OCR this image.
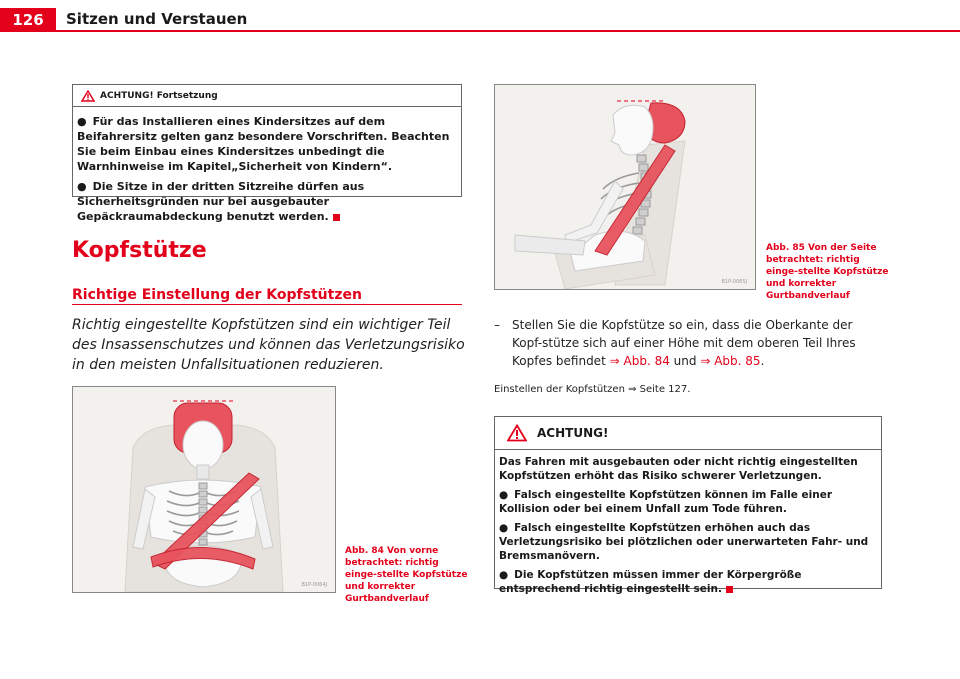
126	Sitzen und Verstauen
ACHTUNG! Fortsetzung

● Für das Installieren eines Kindersitzes auf dem Beifahrersitz gelten ganz besondere Vorschriften. Beachten Sie beim Einbau eines Kindersitzes unbedingt die Warnhinweise im Kapitel„Sicherheit von Kindern“.

● Die Sitze in der dritten Sitzreihe dürfen aus Sicherheitsgründen nur bei ausgebauter Gepäckraumabdeckung benutzt werden.

Kopfstütze
Richtige Einstellung der Kopfstützen
Richtig eingestellte Kopfstützen sind ein wichtiger Teil des Insassenschutzes und können das Verletzungsrisiko in den meisten Unfallsituationen reduzieren.
B1P-0064J
Abb. 84 Von vorne betrachtet: richtig einge-stellte Kopfstütze und korrekter Gurtbandverlauf
B1P-0065J
Abb. 85 Von der Seite betrachtet: richtig einge-stellte Kopfstütze und korrekter Gurtbandverlauf
– Stellen Sie die Kopfstütze so ein, dass die Oberkante der Kopf-stütze sich auf einer Höhe mit dem oberen Teil Ihres Kopfes befindet ⇒ Abb. 84 und ⇒ Abb. 85.
Einstellen der Kopfstützen ⇒ Seite 127.
ACHTUNG!

Das Fahren mit ausgebauten oder nicht richtig eingestellten Kopfstützen erhöht das Risiko schwerer Verletzungen.

● Falsch eingestellte Kopfstützen können im Falle einer Kollision oder bei einem Unfall zum Tode führen.

● Falsch eingestellte Kopfstützen erhöhen auch das Verletzungsrisiko bei plötzlichen oder unerwarteten Fahr- und Bremsmanövern.

● Die Kopfstützen müssen immer der Körpergröße entsprechend richtig eingestellt sein.
